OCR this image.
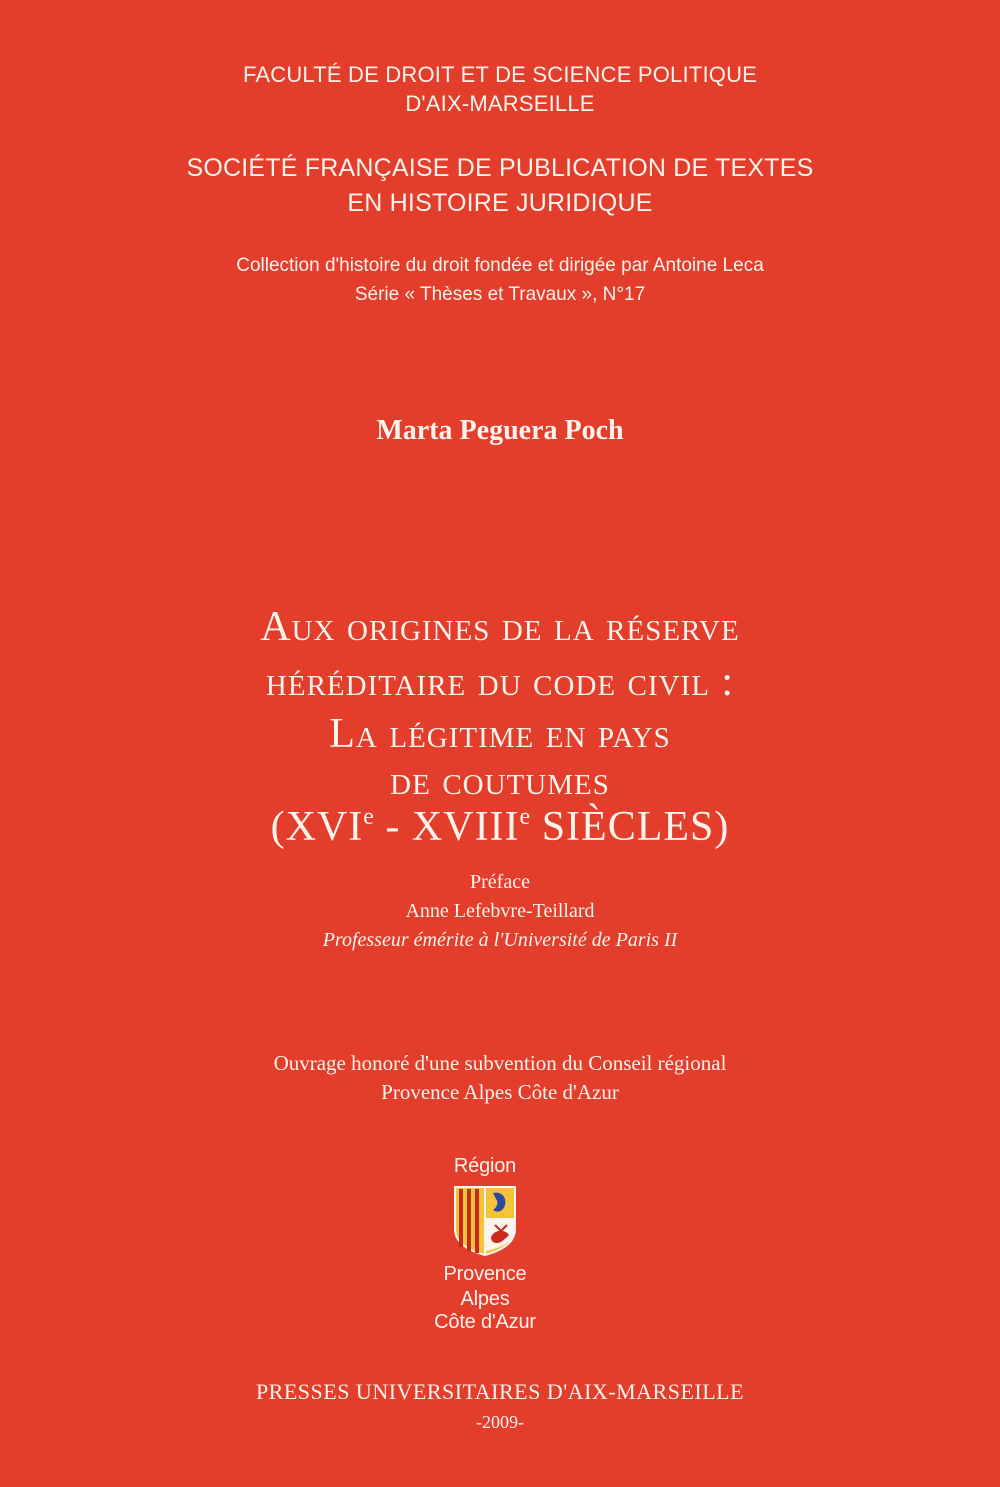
FACULTÉ DE DROIT ET DE SCIENCE POLITIQUE
D'AIX-MARSEILLE
SOCIÉTÉ FRANÇAISE DE PUBLICATION DE TEXTES
EN HISTOIRE JURIDIQUE
Collection d'histoire du droit fondée et dirigée par Antoine Leca
Série « Thèses et Travaux », N°17
Marta Peguera Poch
Aux origines de la réserve
héréditaire du code civil :
La légitime en pays
de coutumes
(XVIe - XVIIIe SIÈCLES)
Préface
Anne Lefebvre-Teillard
Professeur émérite à l'Université de Paris II
Ouvrage honoré d'une subvention du Conseil régional
Provence Alpes Côte d'Azur
Région
Provence
Alpes
Côte d'Azur
PRESSES UNIVERSITAIRES D'AIX-MARSEILLE
-2009-
